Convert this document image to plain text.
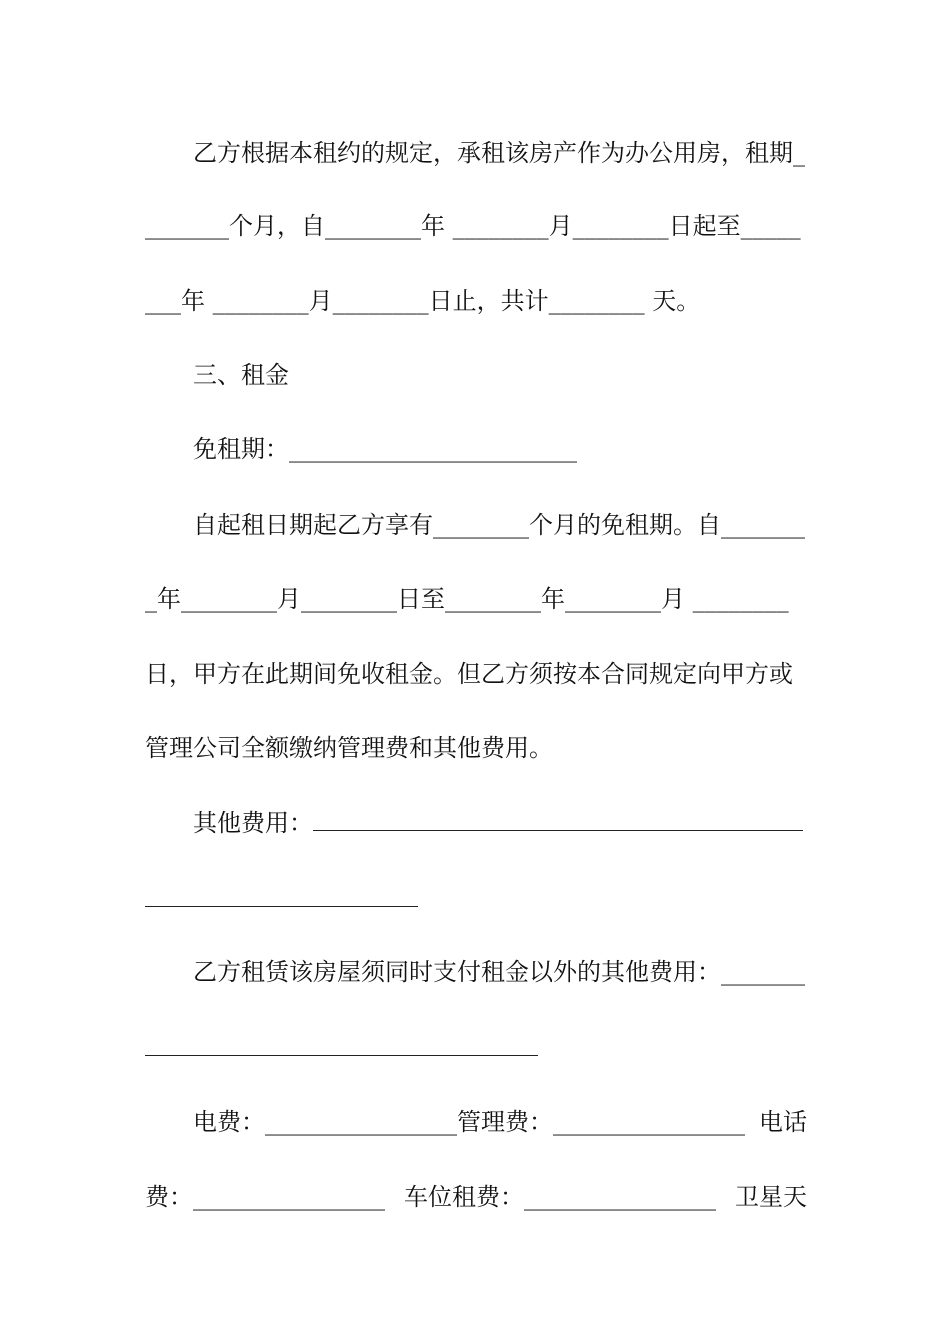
乙方根据本租约的规定，承租该房产作为办公用房，租期_
_______个月，自________年 ________月________日起至_____
___年 ________月________日止，共计________ 天。
三、租金
免租期：________________________
自起租日期起乙方享有________个月的免租期。自_______
_年________月________日至________年________月 ________
日，甲方在此期间免收租金。但乙方须按本合同规定向甲方或
管理公司全额缴纳管理费和其他费用。
其他费用：
乙方租赁该房屋须同时支付租金以外的其他费用：_______
电费：________________管理费：________________ 电话
费：________________ 车位租费：________________ 卫星天
